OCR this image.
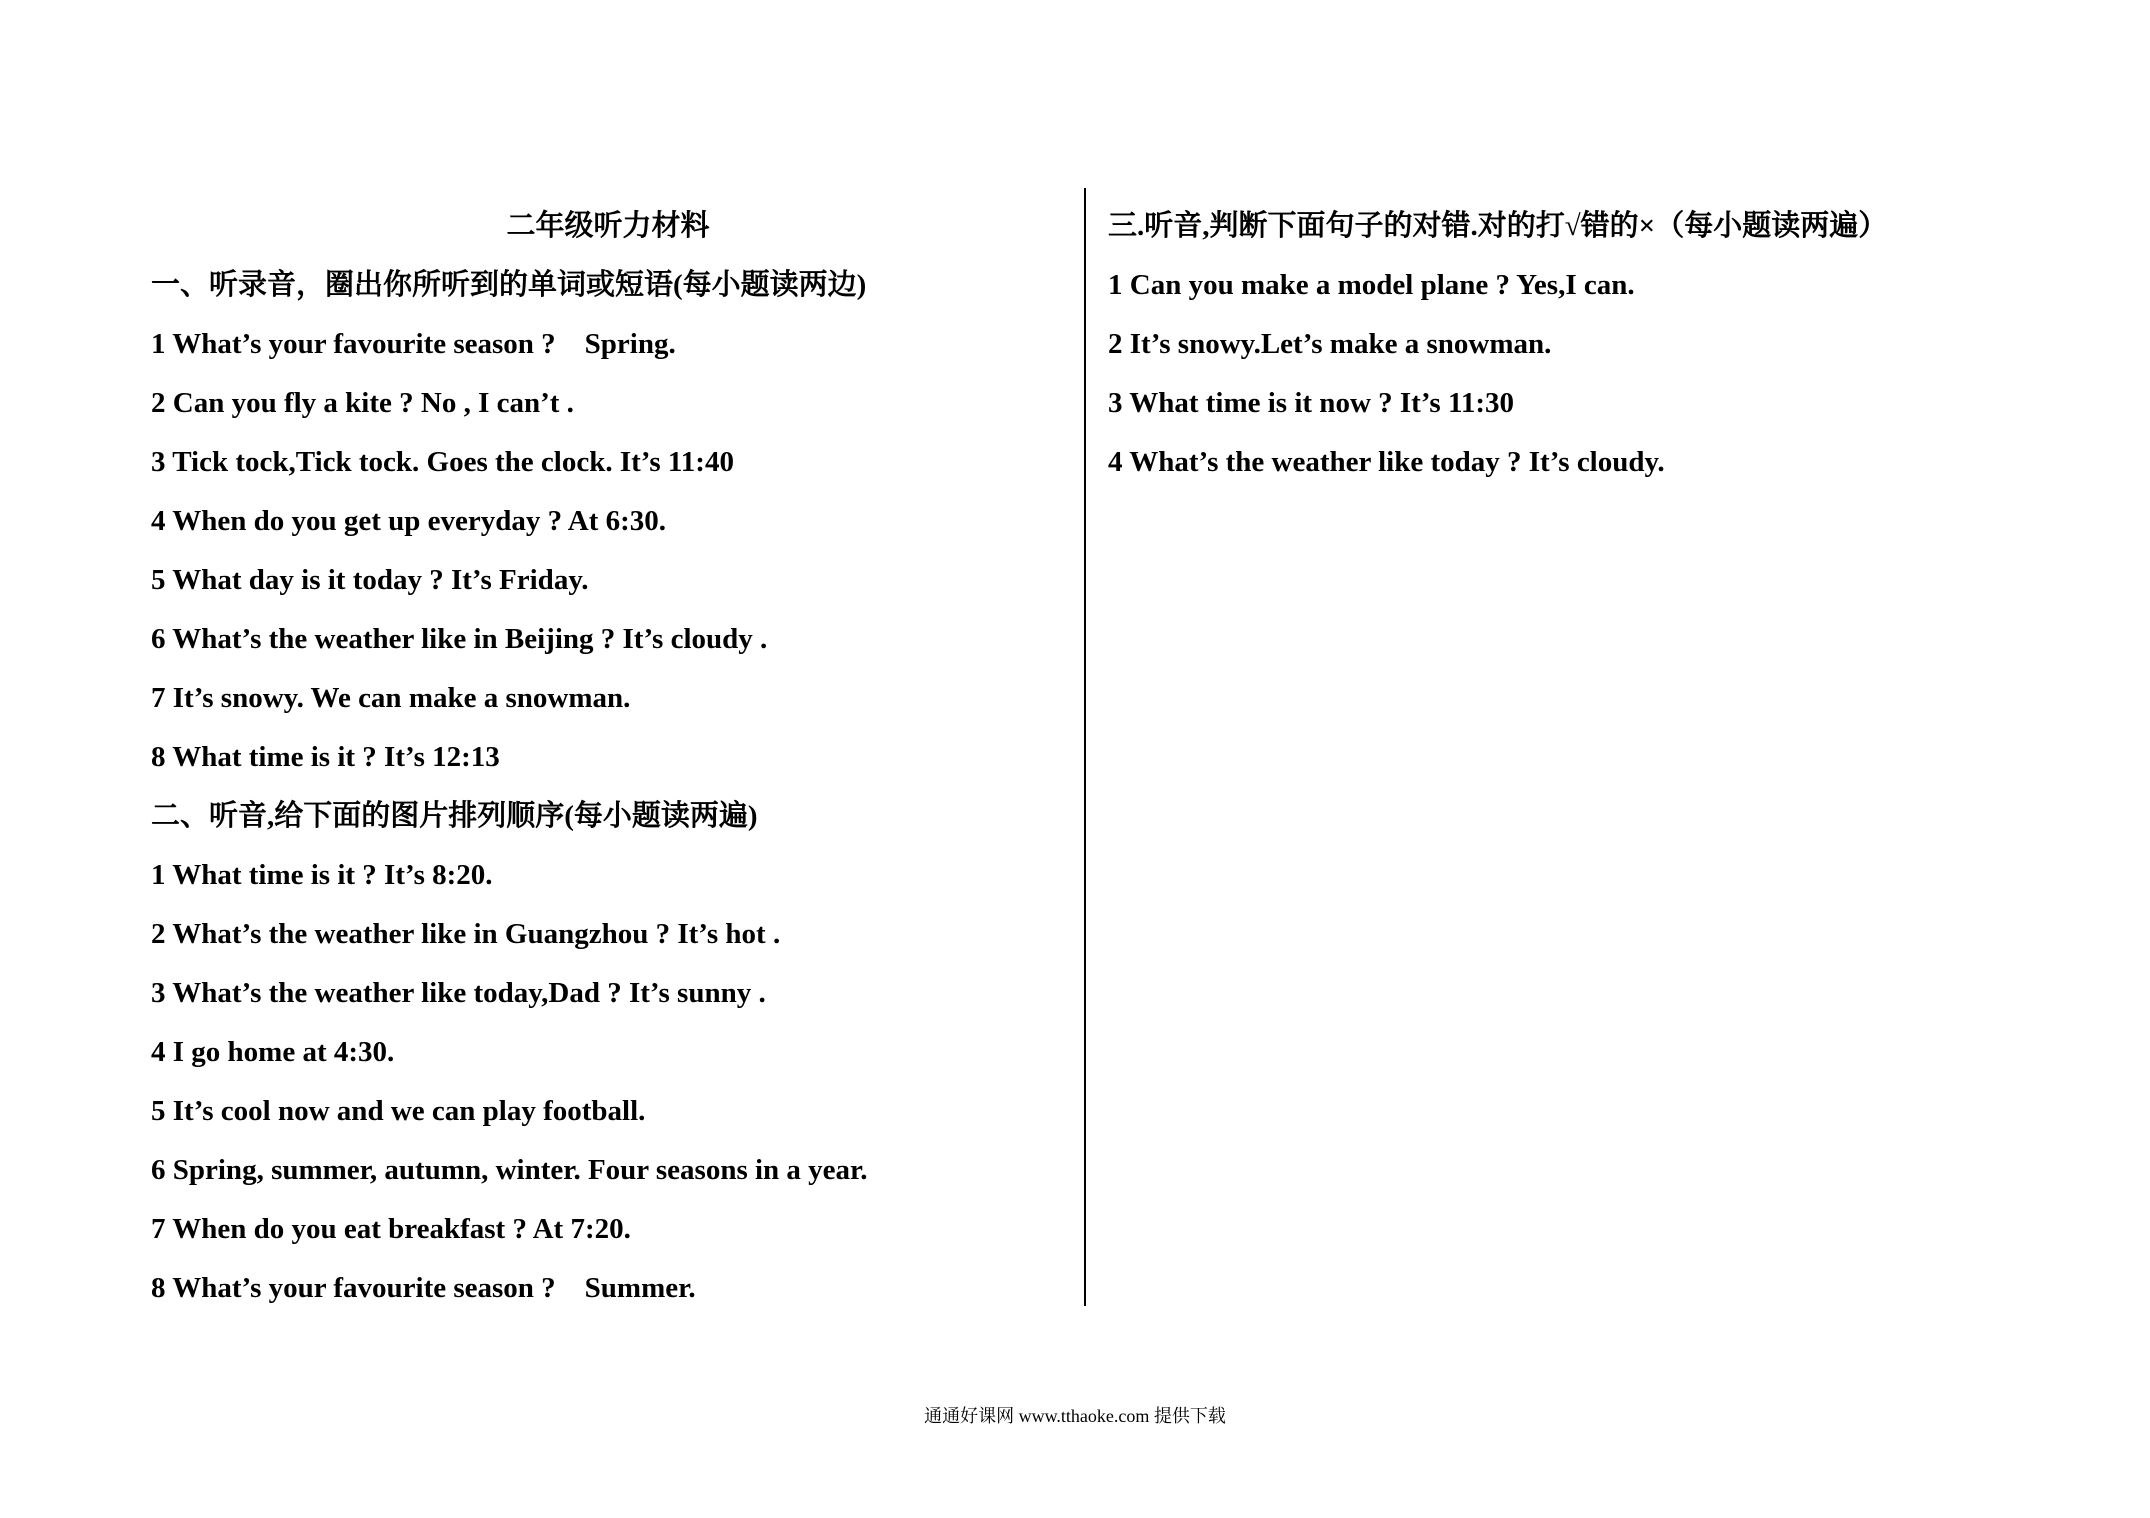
二年级听力材料
一、听录音，圈出你所听到的单词或短语(每小题读两边)
1 What’s your favourite season ?    Spring.
2 Can you fly a kite ? No , I can’t .
3 Tick tock,Tick tock. Goes the clock. It’s 11:40
4 When do you get up everyday ? At 6:30.
5 What day is it today ? It’s Friday.
6 What’s the weather like in Beijing ? It’s cloudy .
7 It’s snowy. We can make a snowman.
8 What time is it ? It’s 12:13
二、听音,给下面的图片排列顺序(每小题读两遍)
1 What time is it ? It’s 8:20.
2 What’s the weather like in Guangzhou ? It’s hot .
3 What’s the weather like today,Dad ? It’s sunny .
4 I go home at 4:30.
5 It’s cool now and we can play football.
6 Spring, summer, autumn, winter. Four seasons in a year.
7 When do you eat breakfast ? At 7:20.
8 What’s your favourite season ?    Summer.
三.听音,判断下面句子的对错.对的打√错的×（每小题读两遍）
1 Can you make a model plane ? Yes,I can.
2 It’s snowy.Let’s make a snowman.
3 What time is it now ? It’s 11:30
4 What’s the weather like today ? It’s cloudy.
通通好课网 www.tthaoke.com 提供下载
